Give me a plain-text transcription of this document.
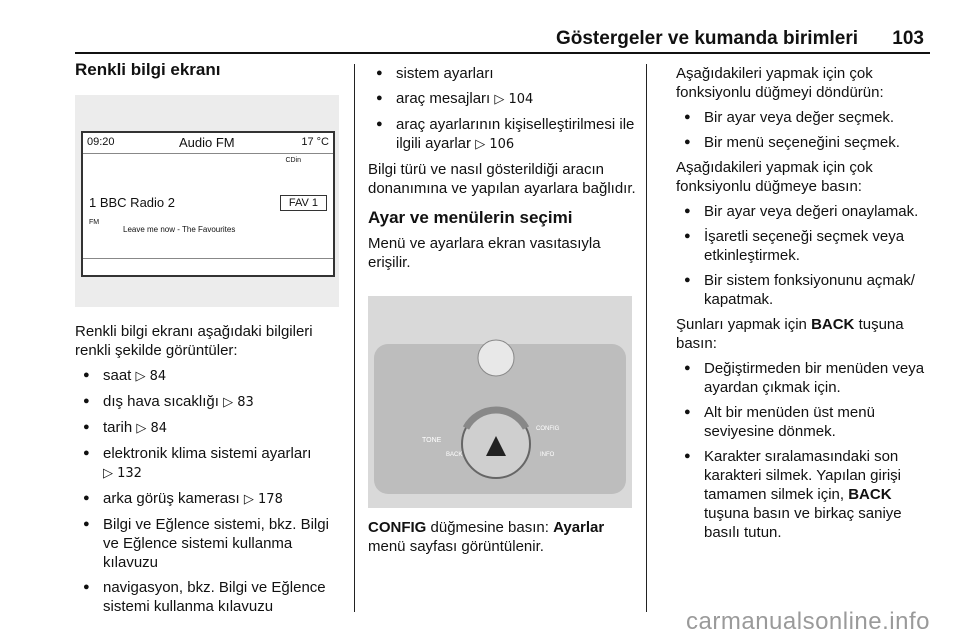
Göstergeler ve kumanda birimleri 103
Renkli bilgi ekranı
09:20	Audio FM	17 °C
CDin
1 BBC Radio 2	FAV 1
FM
Leave me now - The Favourites

Renkli bilgi ekranı aşağıdaki bilgileri renkli şekilde görüntüler:

● saat ▷ 84
● dış hava sıcaklığı ▷ 83
● tarih ▷ 84
● elektronik klima sistemi ayarları
▷ 132
● arka görüş kamerası ▷ 178
● Bilgi ve Eğlence sistemi, bkz. Bilgi ve Eğlence sistemi kullanma kılavuzu
● navigasyon, bkz. Bilgi ve Eğlence sistemi kullanma kılavuzu
● sistem ayarları
● araç mesajları ▷ 104
● araç ayarlarının kişiselleştirilmesi ile ilgili ayarlar ▷ 106

Bilgi türü ve nasıl gösterildiği aracın donanımına ve yapılan ayarlara bağlıdır.

Ayar ve menülerin seçimi

Menü ve ayarlara ekran vasıtasıyla erişilir.

TONE
BACK
CONFIG
INFO
CONFIG düğmesine basın: Ayarlar menü sayfası görüntülenir.

Aşağıdakileri yapmak için çok fonksiyonlu düğmeyi döndürün:

● Bir ayar veya değer seçmek.
● Bir menü seçeneğini seçmek.

Aşağıdakileri yapmak için çok fonksiyonlu düğmeye basın:

● Bir ayar veya değeri onaylamak.
● İşaretli seçeneği seçmek veya etkinleştirmek.
● Bir sistem fonksiyonunu açmak/ kapatmak.

Şunları yapmak için BACK tuşuna basın:

● Değiştirmeden bir menüden veya ayardan çıkmak için.
● Alt bir menüden üst menü seviyesine dönmek.
● Karakter sıralamasındaki son karakteri silmek. Yapılan girişi tamamen silmek için, BACK tuşuna basın ve birkaç saniye basılı tutun.
carmanualsonline.info
